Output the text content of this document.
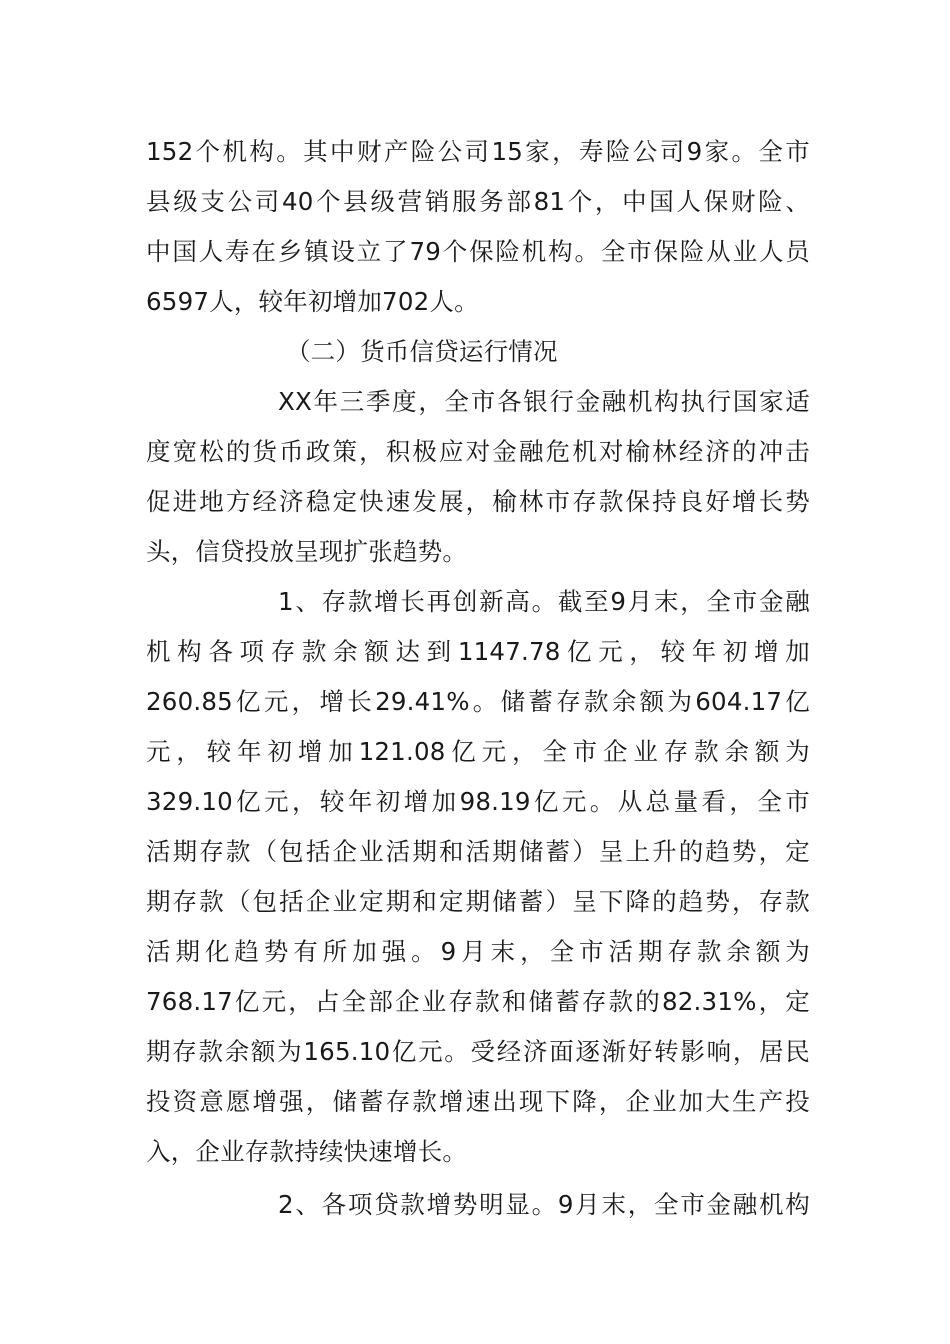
152个机构。其中财产险公司15家，寿险公司9家。全市
县级支公司40个县级营销服务部81个，中国人保财险、
中国人寿在乡镇设立了79个保险机构。全市保险从业人员
6597人，较年初增加702人。
（二）货币信贷运行情况
XX年三季度，全市各银行金融机构执行国家适
度宽松的货币政策，积极应对金融危机对榆林经济的冲击
促进地方经济稳定快速发展，榆林市存款保持良好增长势
头，信贷投放呈现扩张趋势。
1、存款增长再创新高。截至9月末，全市金融
机构各项存款余额达到1147.78亿元，较年初增加
260.85亿元，增长29.41%。储蓄存款余额为604.17亿
元，较年初增加121.08亿元，全市企业存款余额为
329.10亿元，较年初增加98.19亿元。从总量看，全市
活期存款（包括企业活期和活期储蓄）呈上升的趋势，定
期存款（包括企业定期和定期储蓄）呈下降的趋势，存款
活期化趋势有所加强。9月末，全市活期存款余额为
768.17亿元，占全部企业存款和储蓄存款的82.31%，定
期存款余额为165.10亿元。受经济面逐渐好转影响，居民
投资意愿增强，储蓄存款增速出现下降，企业加大生产投
入，企业存款持续快速增长。
2、各项贷款增势明显。9月末，全市金融机构
